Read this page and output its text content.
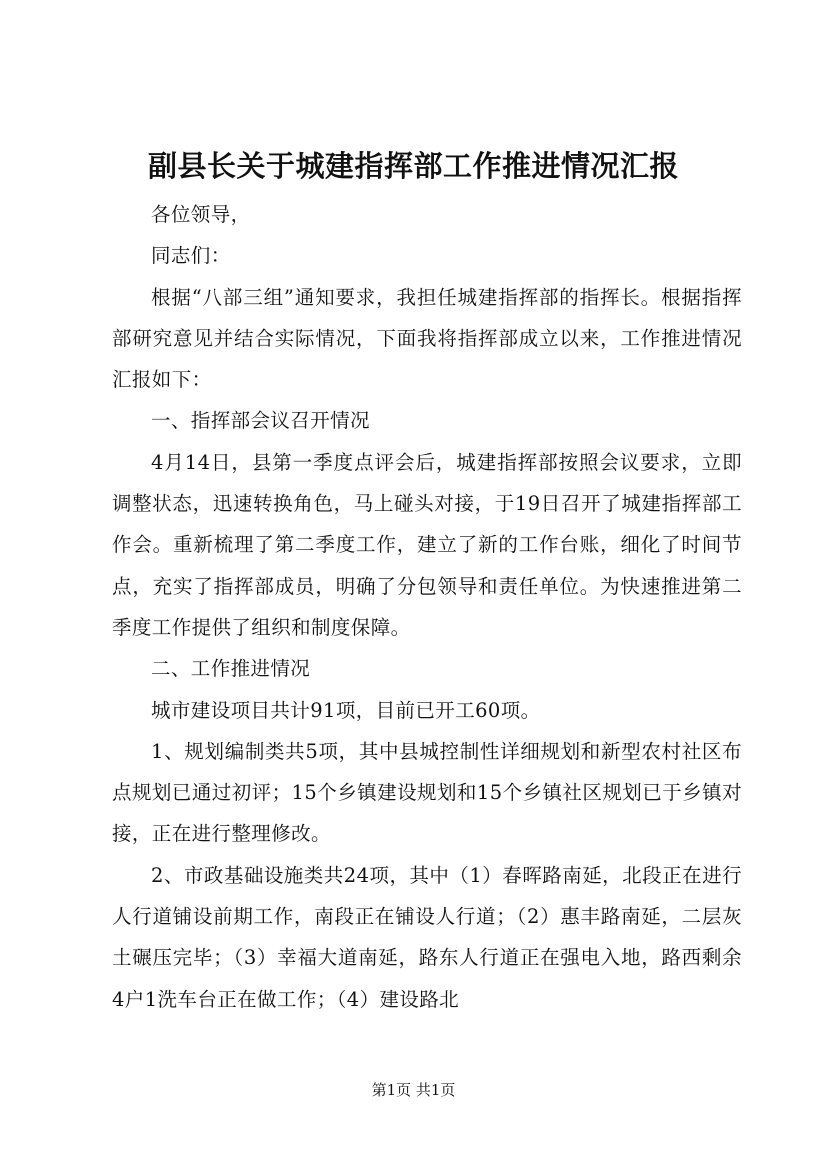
副县长关于城建指挥部工作推进情况汇报

各位领导，

同志们：

根据“八部三组”通知要求，我担任城建指挥部的指挥长。根据指挥部研究意见并结合实际情况，下面我将指挥部成立以来，工作推进情况汇报如下：

一、指挥部会议召开情况

4月14日，县第一季度点评会后，城建指挥部按照会议要求，立即调整状态，迅速转换角色，马上碰头对接，于19日召开了城建指挥部工作会。重新梳理了第二季度工作，建立了新的工作台账，细化了时间节点，充实了指挥部成员，明确了分包领导和责任单位。为快速推进第二季度工作提供了组织和制度保障。

二、工作推进情况

城市建设项目共计91项，目前已开工60项。

1、规划编制类共5项，其中县城控制性详细规划和新型农村社区布点规划已通过初评；15个乡镇建设规划和15个乡镇社区规划已于乡镇对接，正在进行整理修改。

2、市政基础设施类共24项，其中（1）春晖路南延，北段正在进行人行道铺设前期工作，南段正在铺设人行道；（2）惠丰路南延，二层灰土碾压完毕；（3）幸福大道南延，路东人行道正在强电入地，路西剩余4户1洗车台正在做工作；（4）建设路北

第1页 共1页
